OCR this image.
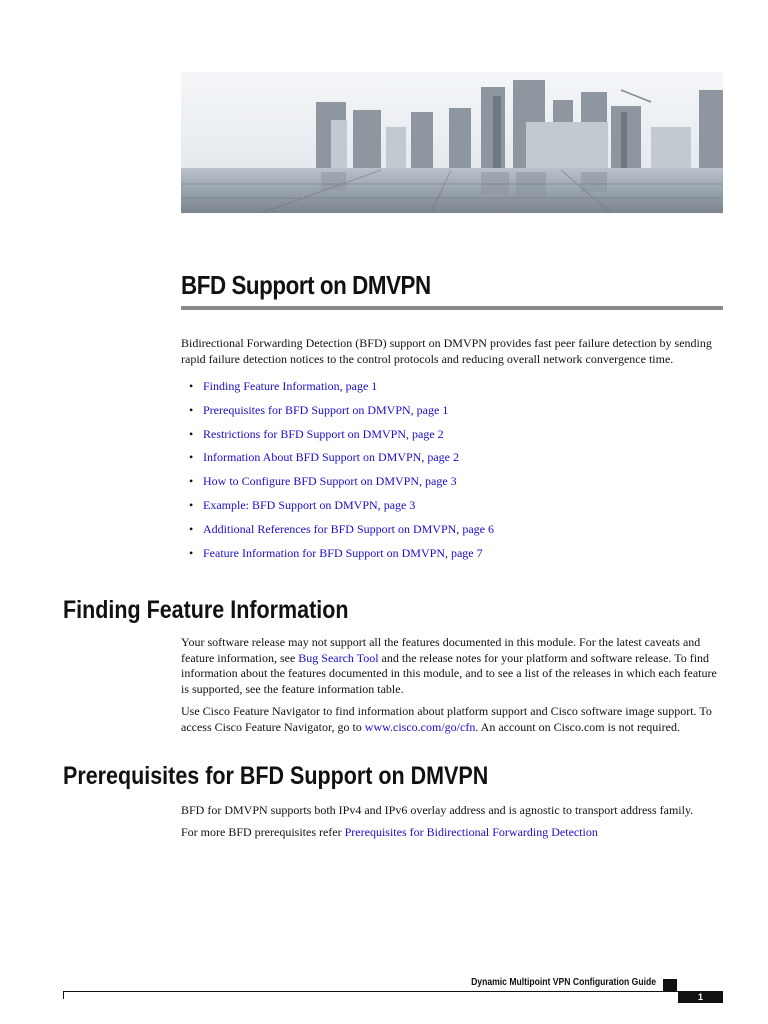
BFD Support on DMVPN

Bidirectional Forwarding Detection (BFD) support on DMVPN provides fast peer failure detection by sending rapid failure detection notices to the control protocols and reducing overall network convergence time.

• Finding Feature Information, page 1
• Prerequisites for BFD Support on DMVPN, page 1
• Restrictions for BFD Support on DMVPN, page 2
• Information About BFD Support on DMVPN, page 2
• How to Configure BFD Support on DMVPN, page 3
• Example: BFD Support on DMVPN, page 3
• Additional References for BFD Support on DMVPN, page 6
• Feature Information for BFD Support on DMVPN, page 7
Finding Feature Information

Your software release may not support all the features documented in this module. For the latest caveats and feature information, see Bug Search Tool and the release notes for your platform and software release. To find information about the features documented in this module, and to see a list of the releases in which each feature is supported, see the feature information table.

Use Cisco Feature Navigator to find information about platform support and Cisco software image support. To access Cisco Feature Navigator, go to www.cisco.com/go/cfn. An account on Cisco.com is not required.

Prerequisites for BFD Support on DMVPN

BFD for DMVPN supports both IPv4 and IPv6 overlay address and is agnostic to transport address family.

For more BFD prerequisites refer Prerequisites for Bidirectional Forwarding Detection

Dynamic Multipoint VPN Configuration Guide
1
